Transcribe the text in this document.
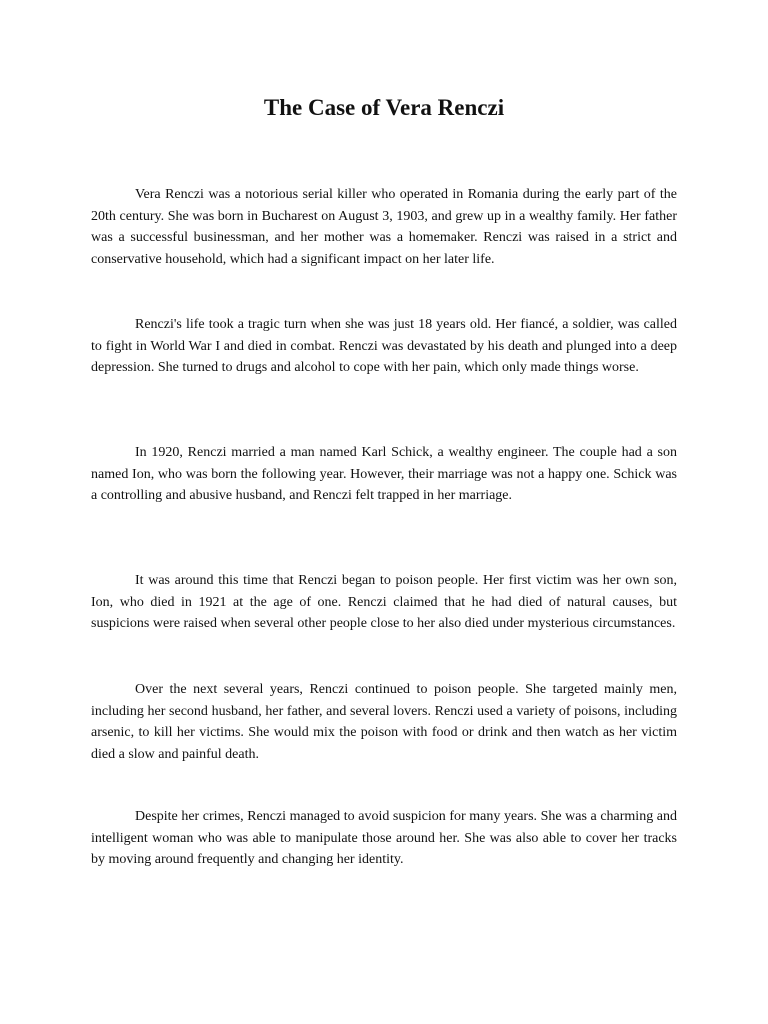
The Case of Vera Renczi

Vera Renczi was a notorious serial killer who operated in Romania during the early part of the 20th century. She was born in Bucharest on August 3, 1903, and grew up in a wealthy family. Her father was a successful businessman, and her mother was a homemaker. Renczi was raised in a strict and conservative household, which had a significant impact on her later life.

Renczi's life took a tragic turn when she was just 18 years old. Her fiancé, a soldier, was called to fight in World War I and died in combat. Renczi was devastated by his death and plunged into a deep depression. She turned to drugs and alcohol to cope with her pain, which only made things worse.

In 1920, Renczi married a man named Karl Schick, a wealthy engineer. The couple had a son named Ion, who was born the following year. However, their marriage was not a happy one. Schick was a controlling and abusive husband, and Renczi felt trapped in her marriage.

It was around this time that Renczi began to poison people. Her first victim was her own son, Ion, who died in 1921 at the age of one. Renczi claimed that he had died of natural causes, but suspicions were raised when several other people close to her also died under mysterious circumstances.

Over the next several years, Renczi continued to poison people. She targeted mainly men, including her second husband, her father, and several lovers. Renczi used a variety of poisons, including arsenic, to kill her victims. She would mix the poison with food or drink and then watch as her victim died a slow and painful death.

Despite her crimes, Renczi managed to avoid suspicion for many years. She was a charming and intelligent woman who was able to manipulate those around her. She was also able to cover her tracks by moving around frequently and changing her identity.
